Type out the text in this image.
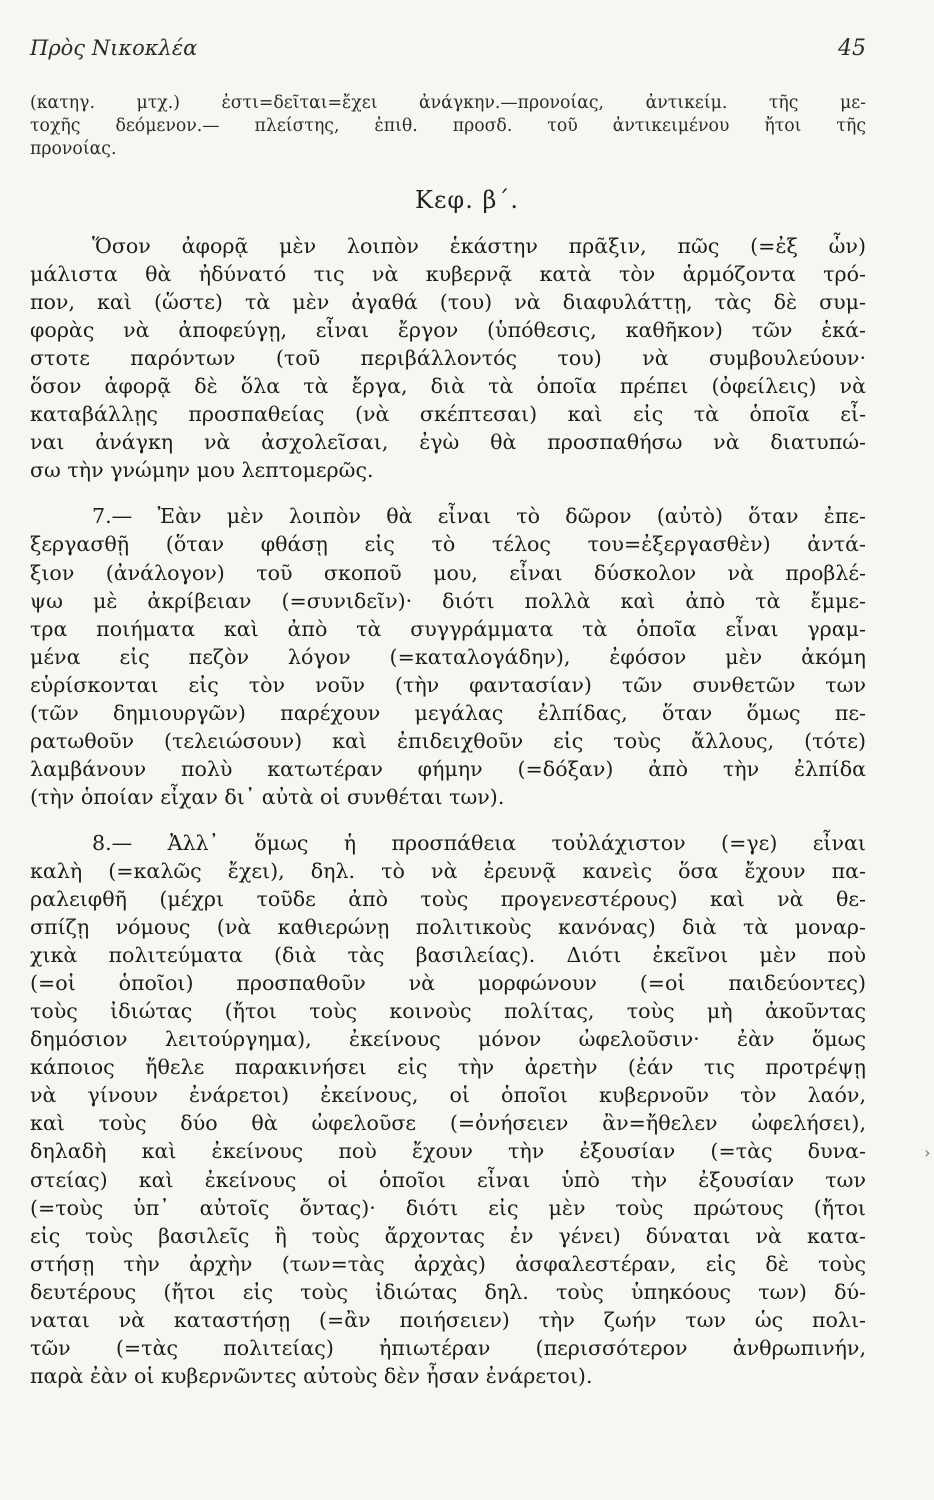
Πρὸς Νικοκλέα	45

(κατηγ. μτχ.) ἐστι=δεῖται=ἔχει ἀνάγκην.—προνοίας, ἀντικείμ. τῆς με-
τοχῆς δεόμενον.— πλείστης, ἐπιθ. προσδ. τοῦ ἀντικειμένου ἤτοι τῆς
προνοίας.

Κεφ. β΄.

Ὅσον ἀφορᾷ μὲν λοιπὸν ἑκάστην πρᾶξιν, πῶς (=ἐξ ὧν)
μάλιστα θὰ ἠδύνατό τις νὰ κυβερνᾷ κατὰ τὸν ἁρμόζοντα τρό-
πον, καὶ (ὥστε) τὰ μὲν ἀγαθά (του) νὰ διαφυλάττῃ, τὰς δὲ συμ-
φορὰς νὰ ἀποφεύγῃ, εἶναι ἔργον (ὑπόθεσις, καθῆκον) τῶν ἑκά-
στοτε παρόντων (τοῦ περιβάλλοντός του) νὰ συμβουλεύουν·
ὅσον ἀφορᾷ δὲ ὅλα τὰ ἔργα, διὰ τὰ ὁποῖα πρέπει (ὀφείλεις) νὰ
καταβάλλῃς προσπαθείας (νὰ σκέπτεσαι) καὶ εἰς τὰ ὁποῖα εἶ-
ναι ἀνάγκη νὰ ἀσχολεῖσαι, ἐγὼ θὰ προσπαθήσω νὰ διατυπώ-
σω τὴν γνώμην μου λεπτομερῶς.

7.— Ἐὰν μὲν λοιπὸν θὰ εἶναι τὸ δῶρον (αὐτὸ) ὅταν ἐπε-
ξεργασθῇ (ὅταν φθάσῃ εἰς τὸ τέλος του=ἐξεργασθὲν) ἀντά-
ξιον (ἀνάλογον) τοῦ σκοποῦ μου, εἶναι δύσκολον νὰ προβλέ-
ψω μὲ ἀκρίβειαν (=συνιδεῖν)· διότι πολλὰ καὶ ἀπὸ τὰ ἔμμε-
τρα ποιήματα καὶ ἀπὸ τὰ συγγράμματα τὰ ὁποῖα εἶναι γραμ-
μένα εἰς πεζὸν λόγον (=καταλογάδην), ἐφόσον μὲν ἀκόμη
εὑρίσκονται εἰς τὸν νοῦν (τὴν φαντασίαν) τῶν συνθετῶν των
(τῶν δημιουργῶν) παρέχουν μεγάλας ἐλπίδας, ὅταν ὅμως πε-
ρατωθοῦν (τελειώσουν) καὶ ἐπιδειχθοῦν εἰς τοὺς ἄλλους, (τότε)
λαμβάνουν πολὺ κατωτέραν φήμην (=δόξαν) ἀπὸ τὴν ἐλπίδα
(τὴν ὁποίαν εἶχαν δι᾿ αὐτὰ οἱ συνθέται των).

8.— Ἀλλ᾿ ὅμως ἡ προσπάθεια τοὐλάχιστον (=γε) εἶναι
καλὴ (=καλῶς ἔχει), δηλ. τὸ νὰ ἐρευνᾷ κανεὶς ὅσα ἔχουν πα-
ραλειφθῆ (μέχρι τοῦδε ἀπὸ τοὺς προγενεστέρους) καὶ νὰ θε-
σπίζῃ νόμους (νὰ καθιερώνῃ πολιτικοὺς κανόνας) διὰ τὰ μοναρ-
χικὰ πολιτεύματα (διὰ τὰς βασιλείας). Διότι ἐκεῖνοι μὲν ποὺ
(=οἱ ὁποῖοι) προσπαθοῦν νὰ μορφώνουν (=οἱ παιδεύοντες)
τοὺς ἰδιώτας (ἤτοι τοὺς κοινοὺς πολίτας, τοὺς μὴ ἀκοῦντας
δημόσιον λειτούργημα), ἐκείνους μόνον ὠφελοῦσιν· ἐὰν ὅμως
κάποιος ἤθελε παρακινήσει εἰς τὴν ἀρετὴν (ἐάν τις προτρέψῃ
νὰ γίνουν ἐνάρετοι) ἐκείνους, οἱ ὁποῖοι κυβερνοῦν τὸν λαόν,
καὶ τοὺς δύο θὰ ὠφελοῦσε (=ὀνήσειεν ἂν=ἤθελεν ὠφελήσει),
δηλαδὴ καὶ ἐκείνους ποὺ ἔχουν τὴν ἐξουσίαν (=τὰς δυνα-
στείας) καὶ ἐκείνους οἱ ὁποῖοι εἶναι ὑπὸ τὴν ἐξουσίαν των
(=τοὺς ὑπ᾿ αὐτοῖς ὄντας)· διότι εἰς μὲν τοὺς πρώτους (ἤτοι
εἰς τοὺς βασιλεῖς ἢ τοὺς ἄρχοντας ἐν γένει) δύναται νὰ κατα-
στήσῃ τὴν ἀρχὴν (των=τὰς ἀρχὰς) ἀσφαλεστέραν, εἰς δὲ τοὺς
δευτέρους (ἤτοι εἰς τοὺς ἰδιώτας δηλ. τοὺς ὑπηκόους των) δύ-
ναται νὰ καταστήσῃ (=ἂν ποιήσειεν) τὴν ζωήν των ὡς πολι-
τῶν (=τὰς πολιτείας) ἠπιωτέραν (περισσότερον ἀνθρωπινήν,
παρὰ ἐὰν οἱ κυβερνῶντες αὐτοὺς δὲν ἦσαν ἐνάρετοι).

›
